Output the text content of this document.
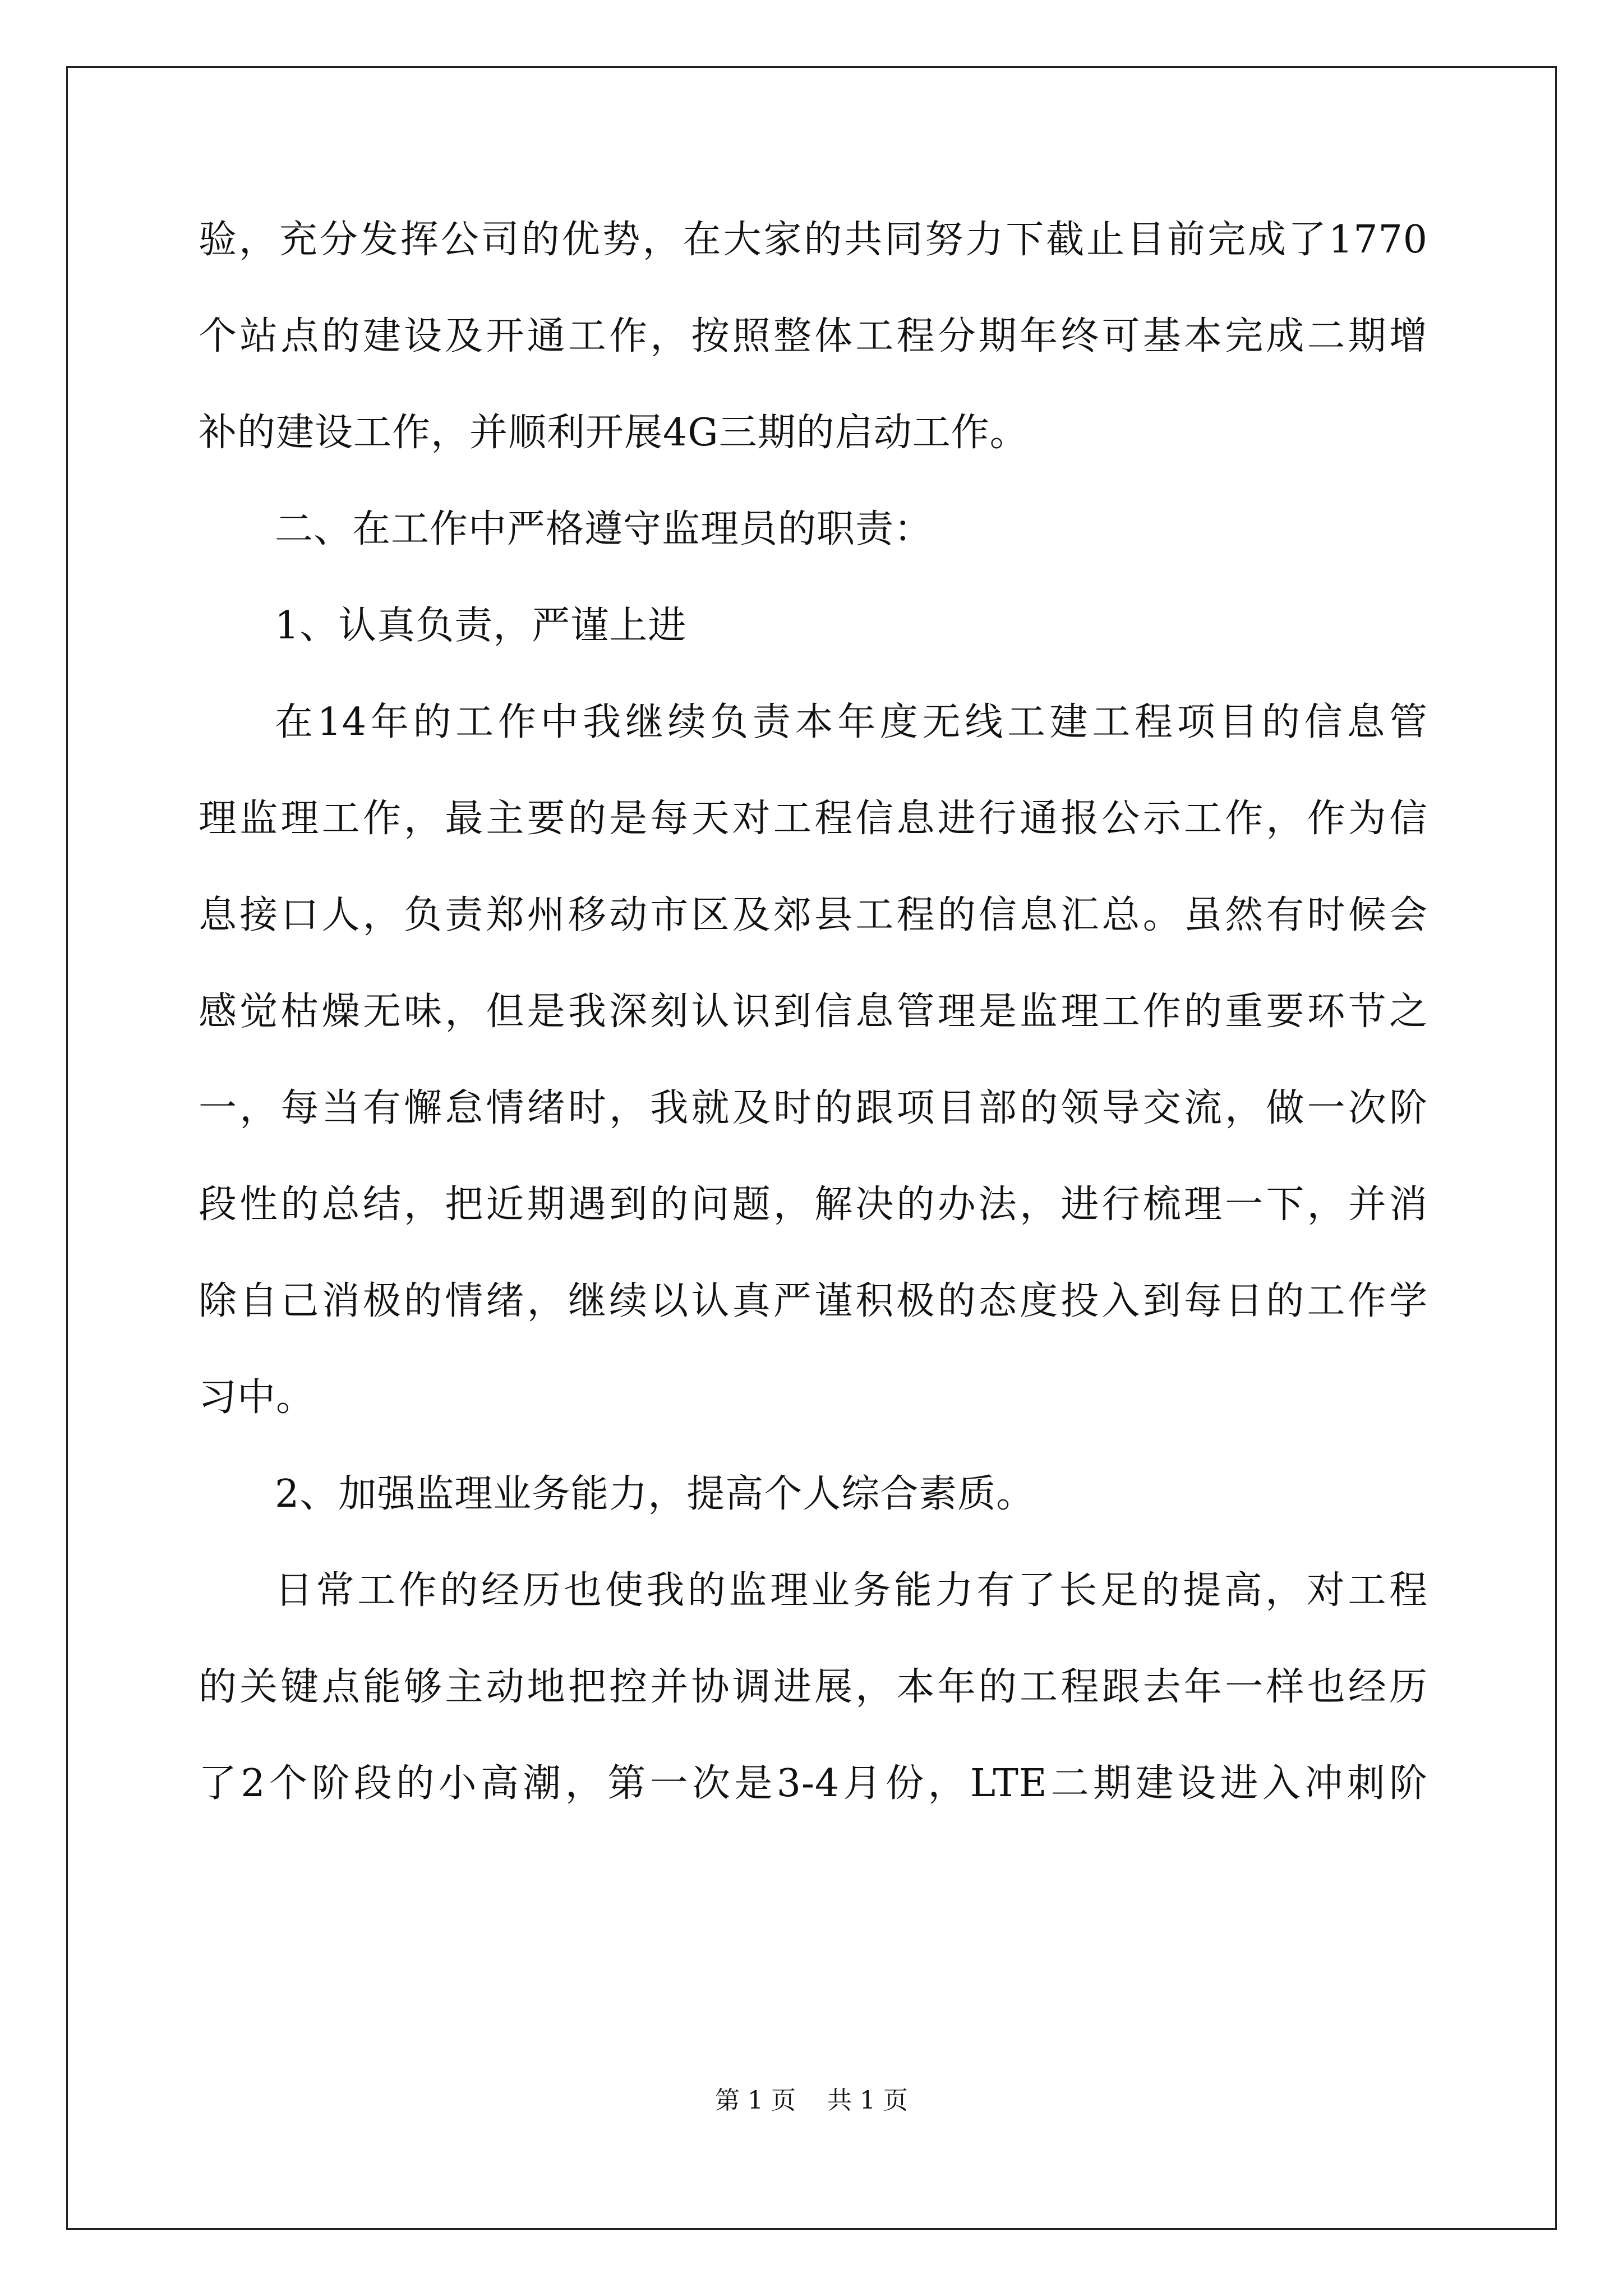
验，充分发挥公司的优势，在大家的共同努力下截止目前完成了1770
个站点的建设及开通工作，按照整体工程分期年终可基本完成二期增
补的建设工作，并顺利开展4G三期的启动工作。
二、在工作中严格遵守监理员的职责：
1、认真负责，严谨上进
在14年的工作中我继续负责本年度无线工建工程项目的信息管
理监理工作，最主要的是每天对工程信息进行通报公示工作，作为信
息接口人，负责郑州移动市区及郊县工程的信息汇总。虽然有时候会
感觉枯燥无味，但是我深刻认识到信息管理是监理工作的重要环节之
一，每当有懈怠情绪时，我就及时的跟项目部的领导交流，做一次阶
段性的总结，把近期遇到的问题，解决的办法，进行梳理一下，并消
除自己消极的情绪，继续以认真严谨积极的态度投入到每日的工作学
习中。
2、加强监理业务能力，提高个人综合素质。
日常工作的经历也使我的监理业务能力有了长足的提高，对工程
的关键点能够主动地把控并协调进展，本年的工程跟去年一样也经历
了2个阶段的小高潮，第一次是3-4月份，LTE二期建设进入冲刺阶
第 1 页    共 1 页
